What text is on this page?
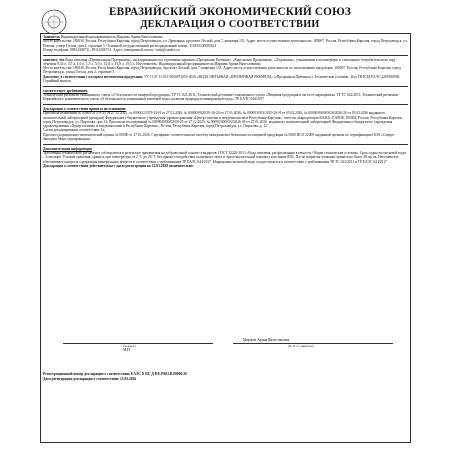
ЕВРАЗИЙСКИЙ ЭКОНОМИЧЕСКИЙ СОЮЗ
ДЕКЛАРАЦИЯ О СООТВЕТСТВИИ

Заявитель Индивидуальный предприниматель Марцева Арина Вячеславовна

Место жительства: 185030, Россия, Республика Карелия, город Петрозаводск, ул. Древлянка, проспект Лесной, дом 7, квартира 131. Адрес места осуществления деятельности: 185007, Россия, Республика Карелия, город Петрозаводск, ул. Попова, улица Гоголя, дом 2, строение 5. Основной государственный регистрационный номер: 318100100000163

Номер телефона: 89814306731, 89114306731. Адрес электронной почты: voda@yandex.ru

заявляет, что Вода питьевая «Премиальная Прозрачная», негазированная под торговыми марками «Прозрачная Premium», «Карельская Прозрачная», «Ладожская», упакованная в полимерную и стеклянную потребительскую тару объемом 0,33 л, 0,5 л, 1,0 л, 1,5 л, 5,0 л, 12,0 л, 19,0 л, 19,5 л. Изготовитель: Индивидуальный предприниматель Марцева Арина Вячеславовна

Место жительства: 185030, Россия, Республика Карелия, город Петрозаводск, проспект Лесной, дом 7, квартира 131. Адрес места осуществления деятельности по изготовлению продукции: 185007, Россия, Республика Карелия, город Петрозаводск, улица Гоголя, дом 2, строение 5

Документ, в соответствии с которым изготовлена продукция: ТУ 11.07.11-011-0000072055-2020 «ВОДА ПИТЬЕВАЯ «ПРОЗРАЧНАЯ PREMIUM» («Прозрачная Премиум»). Технические условия». Код ТН ВЭД ЕАЭС 2201900000. Серийный выпуск.

соответствует требованиям

Технический регламент таможенного союза «О безопасности пищевой продукции» ТР ТС 021/2011; Технический регламент таможенного союза «Пищевая продукция в части ее маркировки» ТР ТС 022/2011; Технический регламент Евразийского экономического союза «О безопасности упакованной питьевой воды, включая природную минеральную воду» ТР ЕАЭС 044/2017

Декларация о соответствии принята на основании

Протокола испытаний № 00000/21579-25 от 27.12.2025, № 00000/21579-25-Н от 27.01.2026, № 00000/0020/19-26-20 от 27.01.2026, № 00000/0053/2019-26-Н от 05.03.2026, № 00000/0000/0026/2020-20 от 05.03.2026 выданного испытательной лабораторией (центром) Федерального бюджетного учреждения здравоохранения «Центр гигиены и эпидемиологии в Республике Карелия», аттестат аккредитации RA.RU.21AH38, 185002, Россия, Республика Карелия, город Петрозаводск, ул. Пирогова, дом 12; Протокола исследований № 00000/0000/02/00-25 от 27.12.2025, № 00000/0000/02/2026-06 от 27.01.2026, выданного испытательной лабораторией Федерального бюджетного учреждения здравоохранения «Центр гигиены и эпидемиологии в Республике Карелия», Россия, Республика Карелия, город Петрозаводск, ул. Пирогова, д. 12.

Схема декларирования соответствия: 1д

Протокол радиационно-гигиенической оценки № 00000 от 27.01.2026. Сертификат соответствия на систему менеджмента безопасности пищевой продукции № 0000 ИСО 22000 выданный органом по сертификации ООО «Северо-Западное бюро сертификации»

Дополнительная информация

Требования технического регламента соблюдаются в результате применения на добровольной основе стандартов: ГОСТ 32220-2013 «Вода питьевая, расфасованная в емкости. Общие технические условия». Срок годности питьевой воды – 6 месяцев. Условия хранения: хранить при температуре от 2 °С до 20 °С без прямого воздействия солнечного света и при относительной влажности не выше 85%. После вскрытия упаковки хранить не более 48 часов. Изготовитель обеспечивает контроль содержания минеральных веществ в соответствии с требованиями ТР ЕАЭС 044/2017. Маркировка питьевой воды осуществляется в соответствии с требованиями ТР ТС 022/2011 и ТР ЕАЭС 044/2017.

Декларация о соответствии действительна с даты регистрации по 12.03.2028 включительно.

Марцева Арина Вячеславовна
(подпись)	(Ф. И. О. заявителя)
М.П.

Регистрационный номер декларации о соответствии: ЕАЭС N RU Д-RU.РА02.В.00000/26

Дата регистрации декларации о соответствии: 13.03.2026
